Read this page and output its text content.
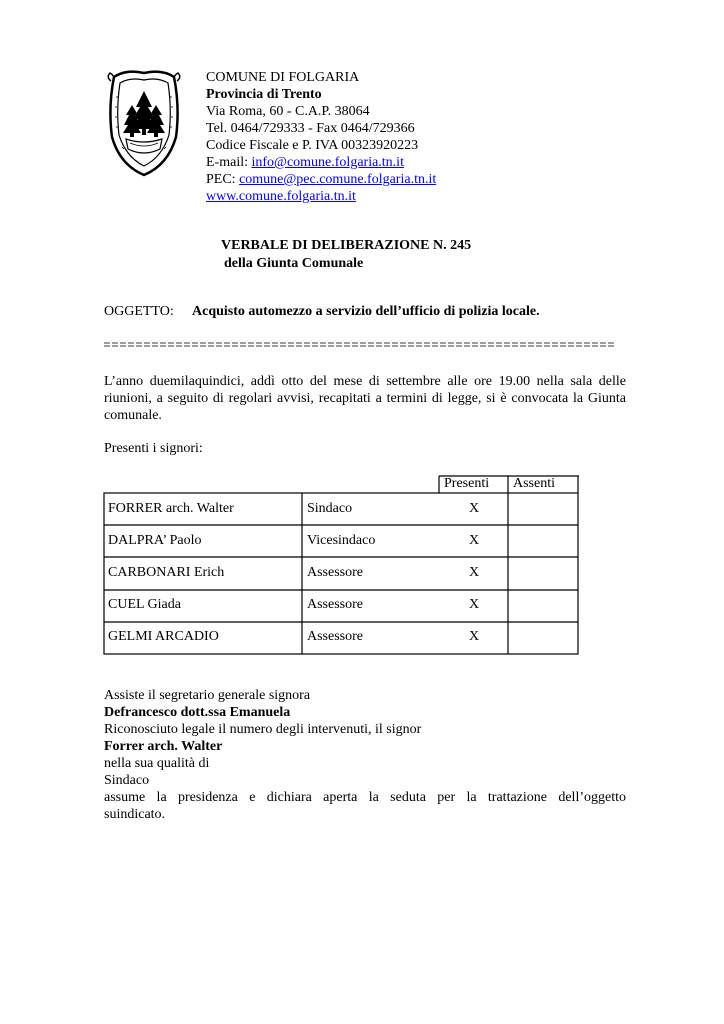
COMUNE DI FOLGARIA
Provincia di Trento
Via Roma, 60 - C.A.P. 38064
Tel. 0464/729333 - Fax 0464/729366
Codice Fiscale e P. IVA 00323920223
E-mail: info@comune.folgaria.tn.it
PEC: comune@pec.comune.folgaria.tn.it
www.comune.folgaria.tn.it
VERBALE DI DELIBERAZIONE N. 245
della Giunta Comunale
OGGETTO: Acquisto automezzo a servizio dell’ufficio di polizia locale.
L’anno duemilaquindici, addì otto del mese di settembre alle ore 19.00 nella sala delle riunioni, a seguito di regolari avvisi, recapitati a termini di legge, si è convocata la Giunta comunale.
Presenti i signori:
Presenti Assenti
FORRER arch. Walter	Sindaco	X
DALPRA’ Paolo	Vicesindaco	X
CARBONARI Erich	Assessore	X
CUEL Giada	Assessore	X
GELMI ARCADIO	Assessore	X
Assiste il segretario generale signora
Defrancesco dott.ssa Emanuela
Riconosciuto legale il numero degli intervenuti, il signor
Forrer arch. Walter
nella sua qualità di
Sindaco
assume la presidenza e dichiara aperta la seduta per la trattazione dell’oggetto
suindicato.
